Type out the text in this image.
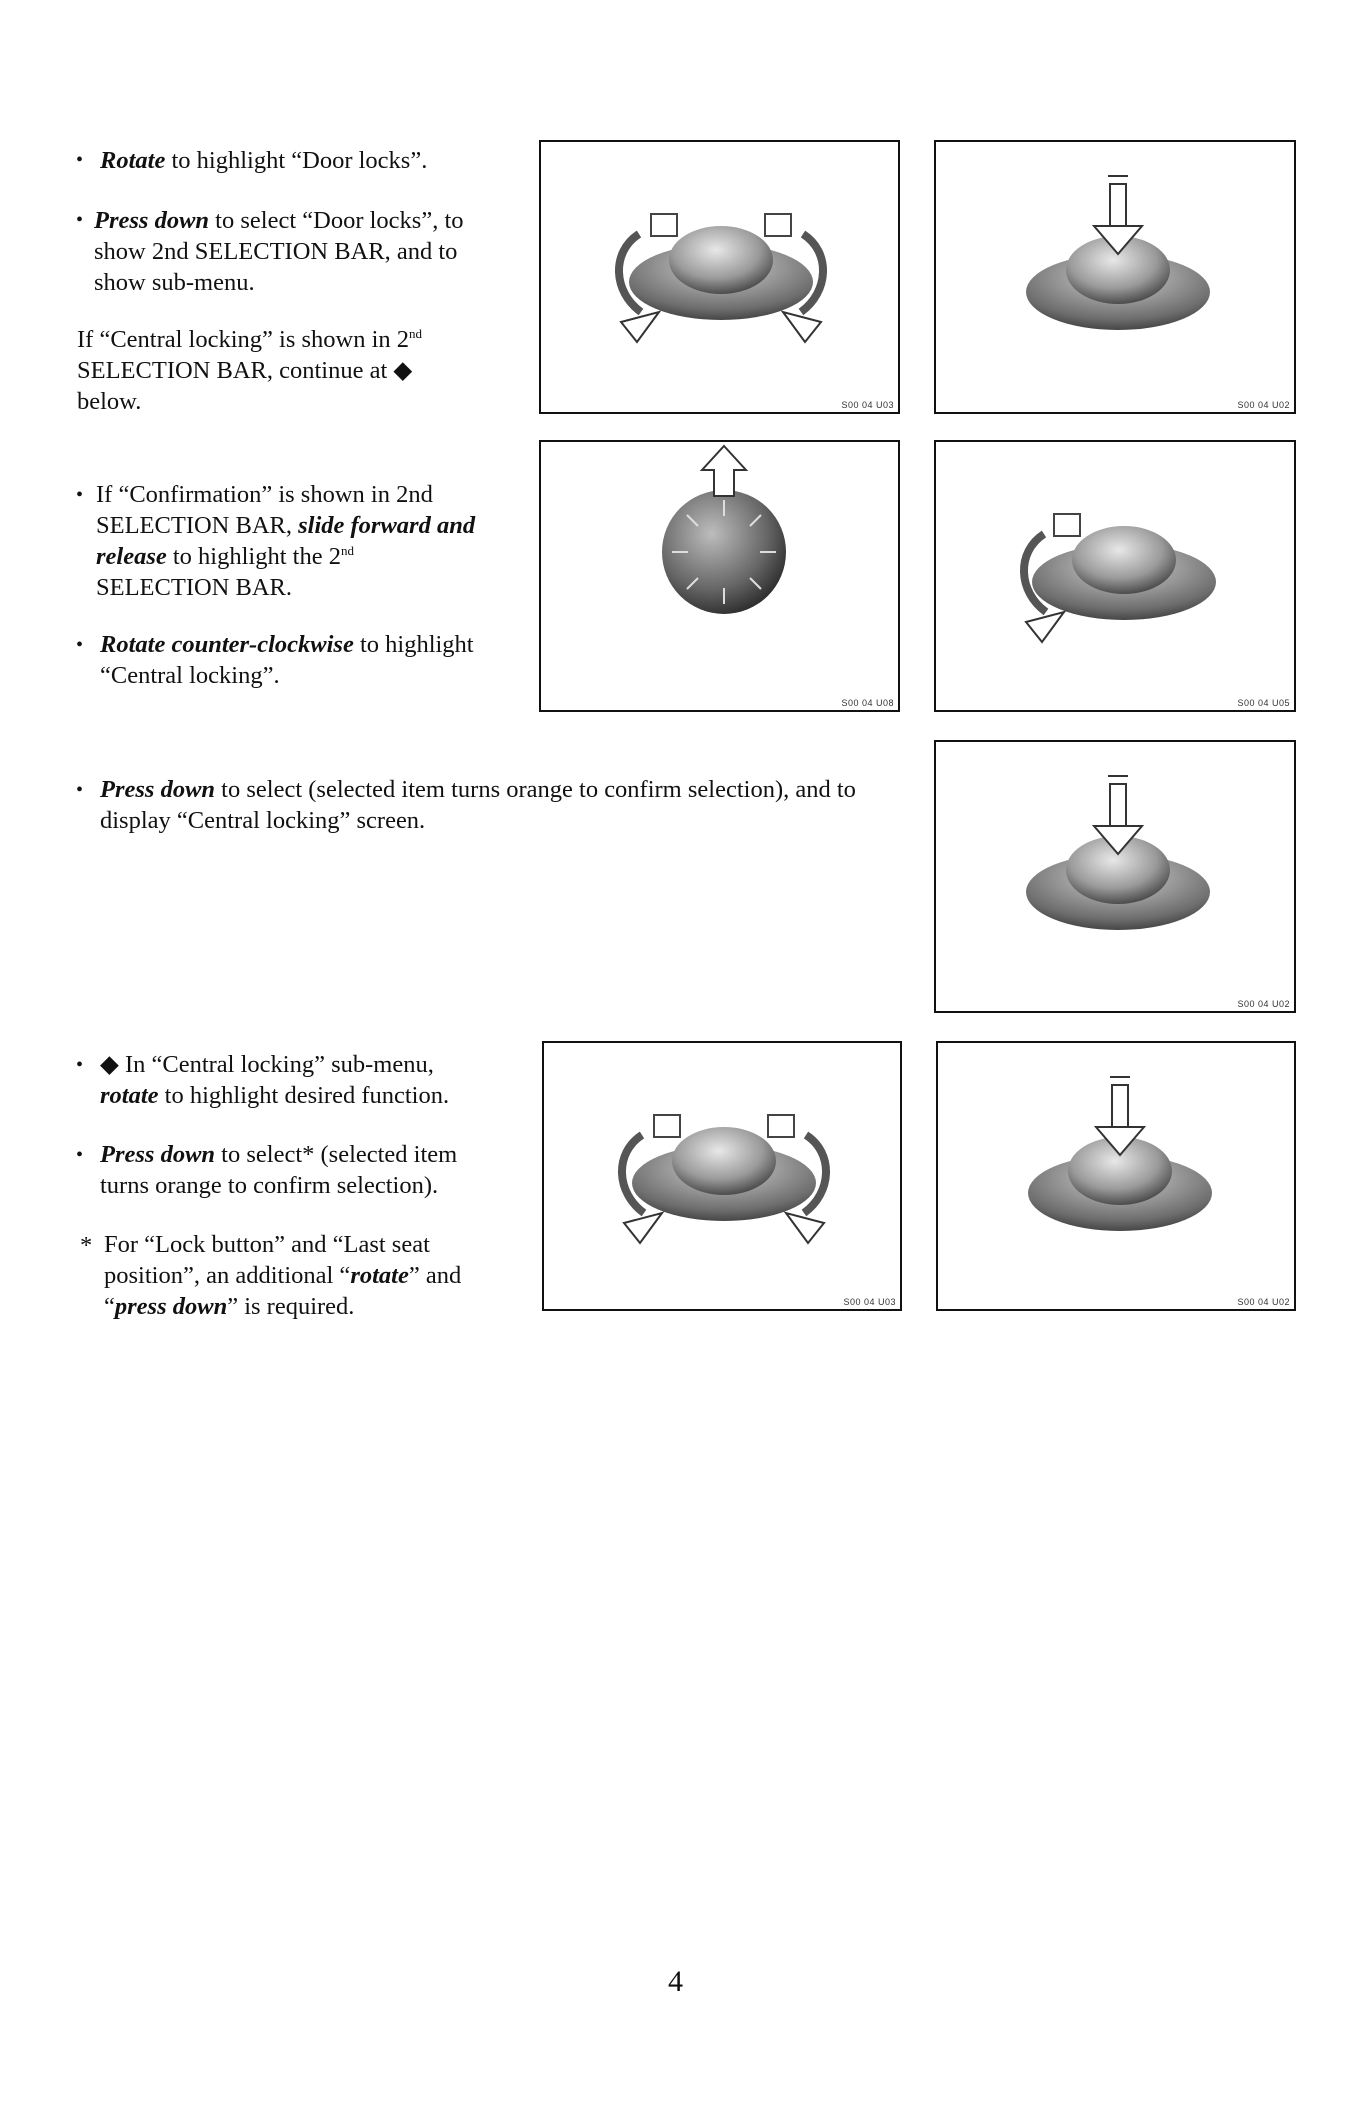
• Rotate to highlight “Door locks”.
• Press down to select “Door locks”, to
show 2nd SELECTION BAR, and to
show sub-menu.
If “Central locking” is shown in 2nd
SELECTION BAR, continue at ◆
below.
• If “Confirmation” is shown in 2nd
SELECTION BAR, slide forward and
release to highlight the 2nd
SELECTION BAR.
• Rotate counter-clockwise to highlight
“Central locking”.
• Press down to select (selected item turns orange to confirm selection), and to
display “Central locking” screen.
• ◆ In “Central locking” sub-menu,
rotate to highlight desired function.
• Press down to select* (selected item
turns orange to confirm selection).
* For “Lock button” and “Last seat
position”, an additional “rotate” and
“press down” is required.
S00 04 U03	S00 04 U02
S00 04 U08	S00 04 U05
S00 04 U02
S00 04 U03	S00 04 U02
4
